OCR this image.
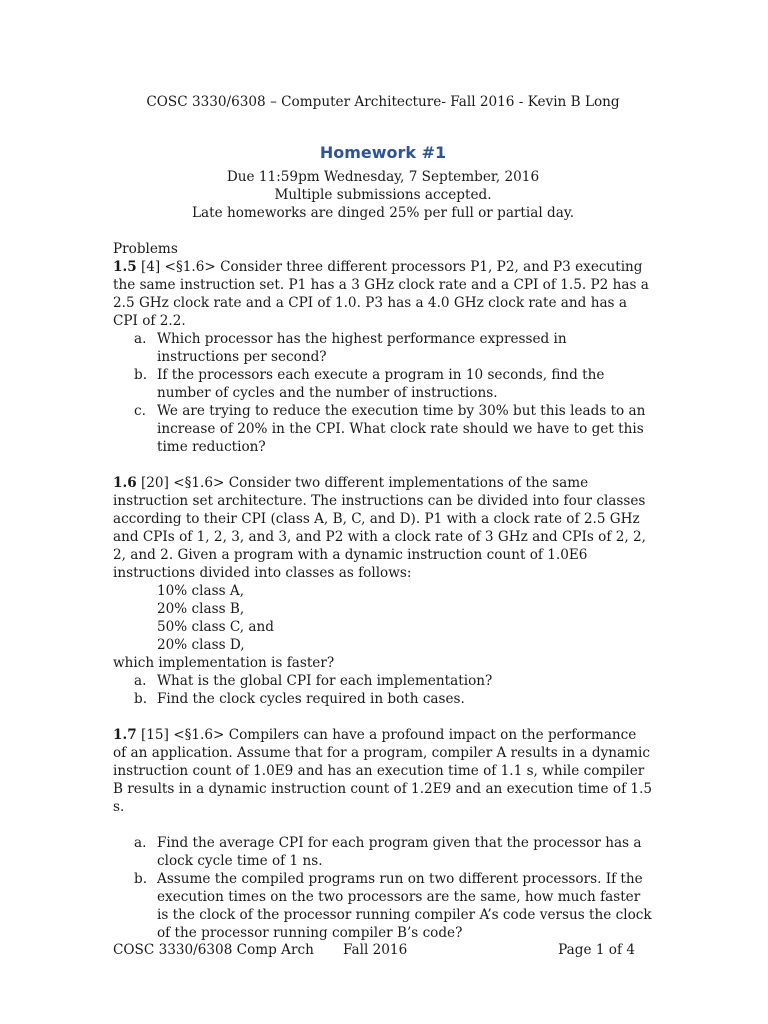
COSC 3330/6308 – Computer Architecture- Fall 2016 - Kevin B Long
Homework #1
Due 11:59pm Wednesday, 7 September, 2016
Multiple submissions accepted.
Late homeworks are dinged 25% per full or partial day.

Problems

1.5 [4] <§1.6> Consider three different processors P1, P2, and P3 executing the same instruction set. P1 has a 3 GHz clock rate and a CPI of 1.5. P2 has a 2.5 GHz clock rate and a CPI of 1.0. P3 has a 4.0 GHz clock rate and has a CPI of 2.2.

a. Which processor has the highest performance expressed in instructions per second?
b. If the processors each execute a program in 10 seconds, find the number of cycles and the number of instructions.
c. We are trying to reduce the execution time by 30% but this leads to an increase of 20% in the CPI. What clock rate should we have to get this time reduction?

1.6 [20] <§1.6> Consider two different implementations of the same instruction set architecture. The instructions can be divided into four classes according to their CPI (class A, B, C, and D). P1 with a clock rate of 2.5 GHz and CPIs of 1, 2, 3, and 3, and P2 with a clock rate of 3 GHz and CPIs of 2, 2, 2, and 2. Given a program with a dynamic instruction count of 1.0E6 instructions divided into classes as follows:

10% class A,
20% class B,
50% class C, and
20% class D,

which implementation is faster?

a. What is the global CPI for each implementation?
b. Find the clock cycles required in both cases.

1.7 [15] <§1.6> Compilers can have a profound impact on the performance of an application. Assume that for a program, compiler A results in a dynamic instruction count of 1.0E9 and has an execution time of 1.1 s, while compiler B results in a dynamic instruction count of 1.2E9 and an execution time of 1.5 s.

a. Find the average CPI for each program given that the processor has a clock cycle time of 1 ns.
b. Assume the compiled programs run on two different processors. If the execution times on the two processors are the same, how much faster is the clock of the processor running compiler A’s code versus the clock of the processor running compiler B’s code?
COSC 3330/6308 Comp Arch Fall 2016	Page 1 of 4
